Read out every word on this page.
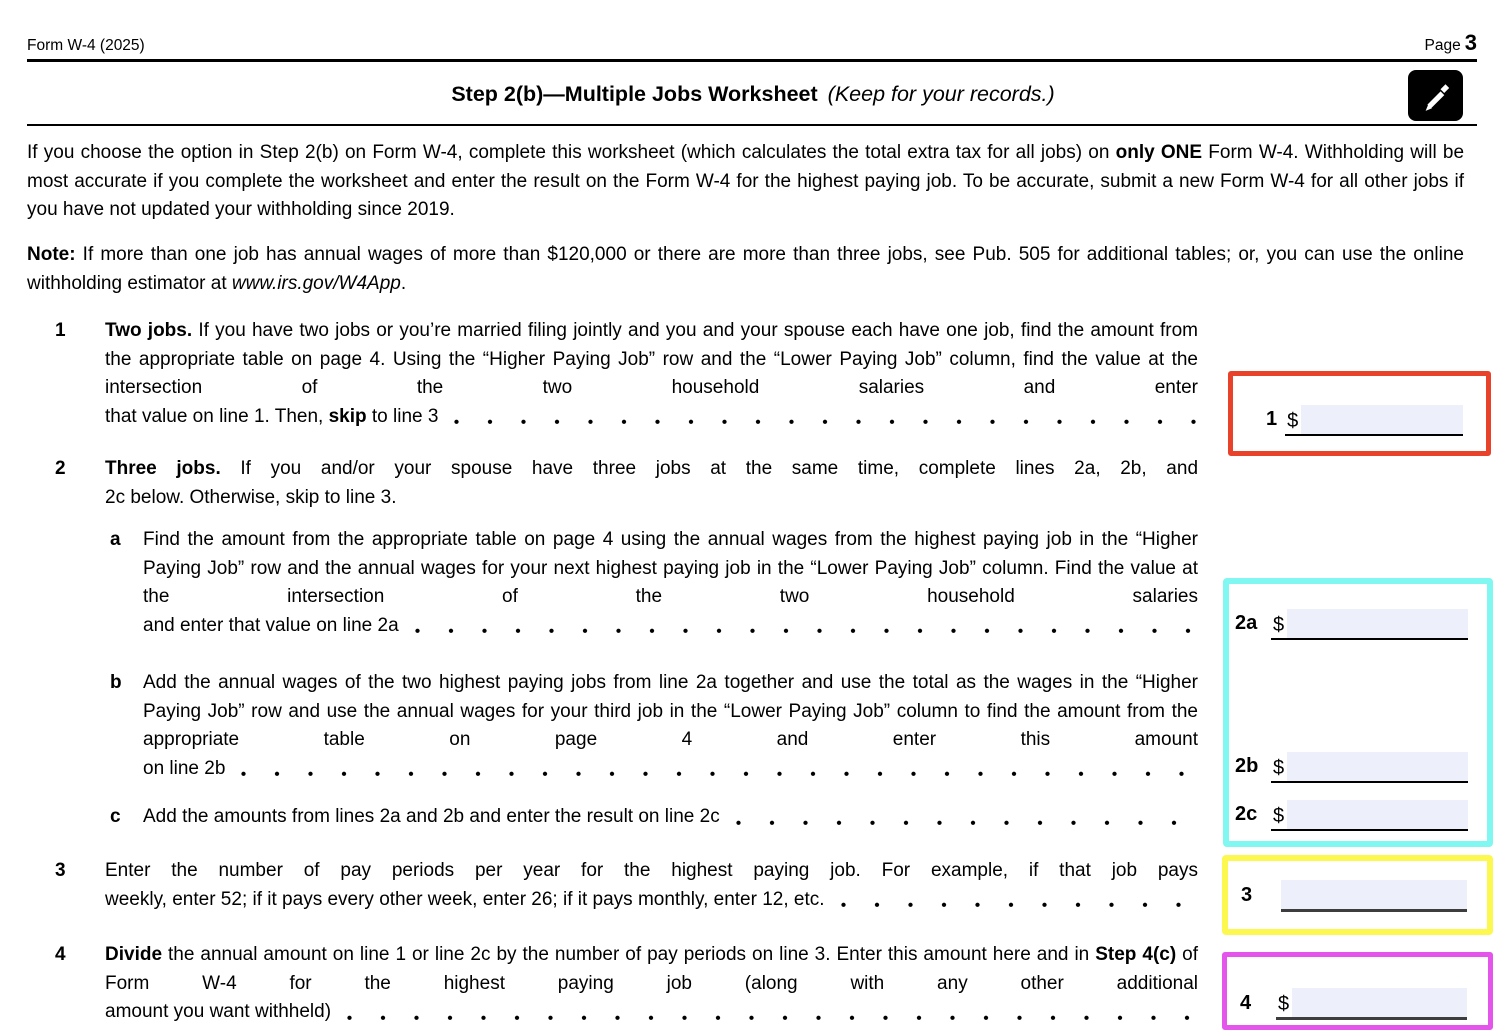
Form W-4 (2025)	Page 3
Step 2(b)—Multiple Jobs Worksheet (Keep for your records.)
If you choose the option in Step 2(b) on Form W-4, complete this worksheet (which calculates the total extra tax for all jobs) on only ONE Form W-4. Withholding will be most accurate if you complete the worksheet and enter the result on the Form W-4 for the highest paying job. To be accurate, submit a new Form W-4 for all other jobs if you have not updated your withholding since 2019.
Note: If more than one job has annual wages of more than $120,000 or there are more than three jobs, see Pub. 505 for additional tables; or, you can use the online withholding estimator at www.irs.gov/W4App.
1 Two jobs. If you have two jobs or you’re married filing jointly and you and your spouse each have one job, find the amount from the appropriate table on page 4. Using the “Higher Paying Job” row and the “Lower Paying Job” column, find the value at the intersection of the two household salaries and enter
that value on line 1. Then, skip to line 3
2 Three jobs. If you and/or your spouse have three jobs at the same time, complete lines 2a, 2b, and
2c below. Otherwise, skip to line 3.
a Find the amount from the appropriate table on page 4 using the annual wages from the highest paying job in the “Higher Paying Job” row and the annual wages for your next highest paying job in the “Lower Paying Job” column. Find the value at the intersection of the two household salaries
and enter that value on line 2a
b Add the annual wages of the two highest paying jobs from line 2a together and use the total as the wages in the “Higher Paying Job” row and use the annual wages for your third job in the “Lower Paying Job” column to find the amount from the appropriate table on page 4 and enter this amount
on line 2b
c Add the amounts from lines 2a and 2b and enter the result on line 2c
3 Enter the number of pay periods per year for the highest paying job. For example, if that job pays
weekly, enter 52; if it pays every other week, enter 26; if it pays monthly, enter 12, etc.
4 Divide the annual amount on line 1 or line 2c by the number of pay periods on line 3. Enter this amount here and in Step 4(c) of Form W-4 for the highest paying job (along with any other additional
amount you want withheld)
1 $
2a $
2b $
2c $
3
4	$
